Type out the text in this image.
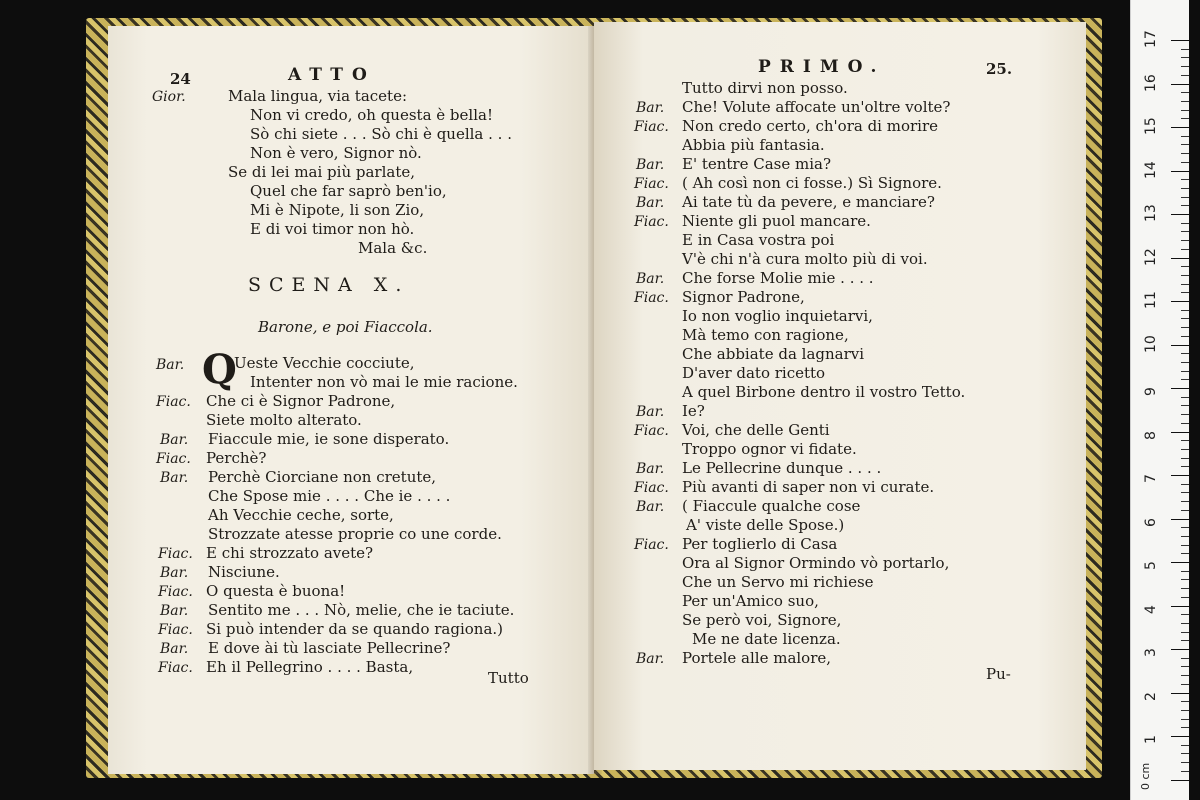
24	ATTO
Gior.	Mala lingua, via tacete:
Non vi credo, oh questa è bella!
Sò chi siete . . . Sò chi è quella . . .
Non è vero, Signor nò.
Se di lei mai più parlate,
Quel che far saprò ben'io,
Mi è Nipote, li son Zio,
E di voi timor non hò.
Mala &c.
SCENA X.
Barone, e poi Fiaccola.
Bar. Q
Ueste Vecchie cocciute,
Intenter non vò mai le mie racione.
Fiac. Che ci è Signor Padrone,
Siete molto alterato.
Bar. Fiaccule mie, ie sone disperato.
Fiac. Perchè?
Bar. Perchè Ciorciane non cretute,
Che Spose mie . . . . Che ie . . . .
Ah Vecchie ceche, sorte,
Strozzate atesse proprie co une corde.
Fiac. E chi strozzato avete?
Bar. Nisciune.
Fiac. O questa è buona!
Bar. Sentito me . . . Nò, melie, che ie taciute.
Fiac. Si può intender da se quando ragiona.)
Bar. E dove ài tù lasciate Pellecrine?
Fiac. Eh il Pellegrino . . . . Basta,
Tutto
PRIMO.	25.
Tutto dirvi non posso.
Bar. Che! Volute affocate un'oltre volte?
Fiac. Non credo certo, ch'ora di morire
Abbia più fantasia.
Bar. E' tentre Case mia?
Fiac. ( Ah così non ci fosse.) Sì Signore.
Bar. Ai tate tù da pevere, e manciare?
Fiac. Niente gli puol mancare.
E in Casa vostra poi
V'è chi n'à cura molto più di voi.
Bar. Che forse Molie mie . . . .
Fiac. Signor Padrone,
Io non voglio inquietarvi,
Mà temo con ragione,
Che abbiate da lagnarvi
D'aver dato ricetto
A quel Birbone dentro il vostro Tetto.
Bar. Ie?
Fiac. Voi, che delle Genti
Troppo ognor vi fidate.
Bar. Le Pellecrine dunque . . . .
Fiac. Più avanti di saper non vi curate.
Bar. ( Fiaccule qualche cose
A' viste delle Spose.)
Fiac. Per toglierlo di Casa
Ora al Signor Ormindo vò portarlo,
Che un Servo mi richiese
Per un'Amico suo,
Se però voi, Signore,
Me ne date licenza.
Bar. Portele alle malore,
Pu-
17
16
15
14
13
12
11
10
9
8
7
6
5
4
3
2
1
0 cm
